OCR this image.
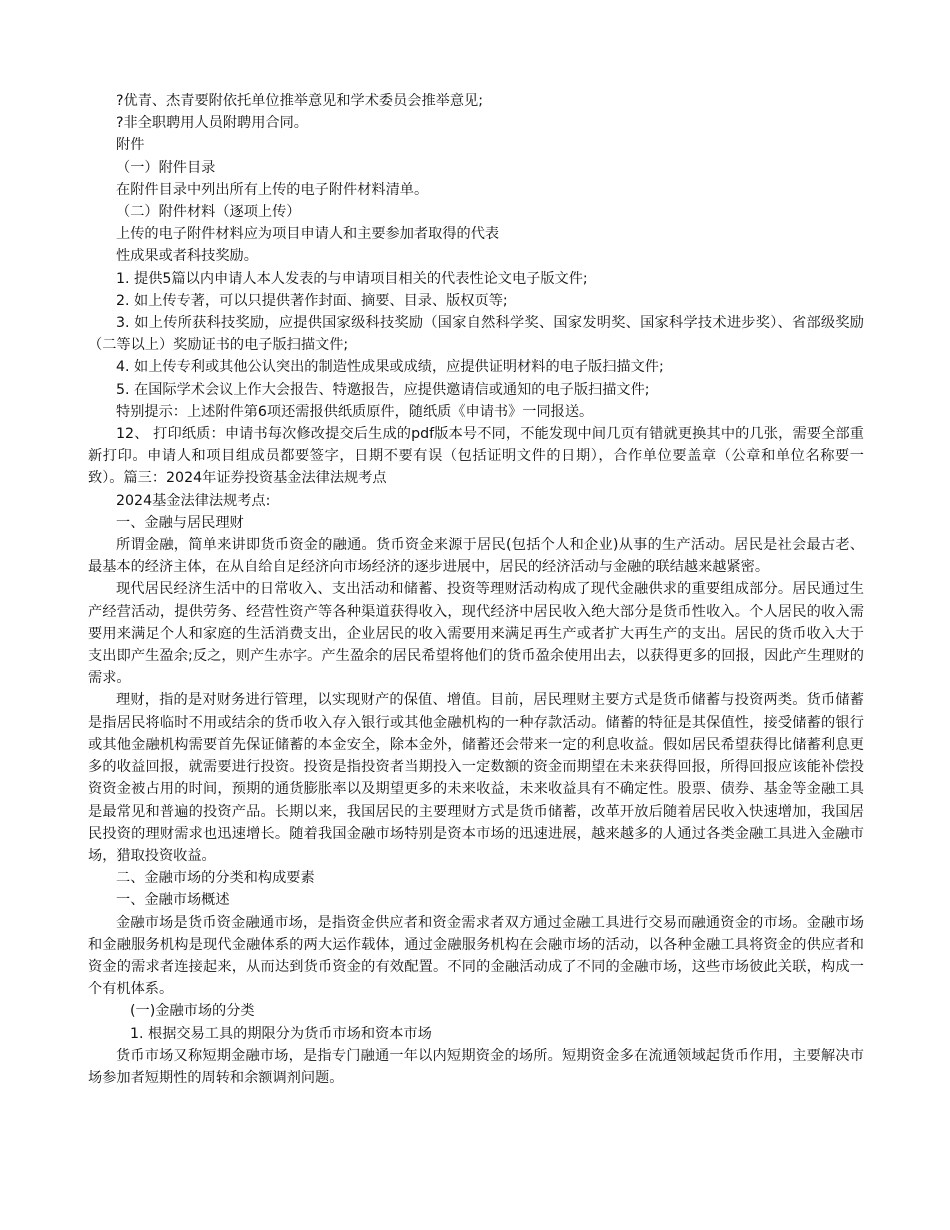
?优青、杰青要附依托单位推举意见和学术委员会推举意见;

?非全职聘用人员附聘用合同。

附件

（一）附件目录

在附件目录中列出所有上传的电子附件材料清单。

（二）附件材料（逐项上传）

上传的电子附件材料应为项目申请人和主要参加者取得的代表

性成果或者科技奖励。

1. 提供5篇以内申请人本人发表的与申请项目相关的代表性论文电子版文件;

2. 如上传专著，可以只提供著作封面、摘要、目录、版权页等;

3. 如上传所获科技奖励，应提供国家级科技奖励（国家自然科学奖、国家发明奖、国家科学技术进步奖）、省部级奖励（二等以上）奖励证书的电子版扫描文件;

4. 如上传专利或其他公认突出的制造性成果或成绩，应提供证明材料的电子版扫描文件;

5. 在国际学术会议上作大会报告、特邀报告，应提供邀请信或通知的电子版扫描文件;

特别提示：上述附件第6项还需报供纸质原件，随纸质《申请书》一同报送。

12、 打印纸质：申请书每次修改提交后生成的pdf版本号不同，不能发现中间几页有错就更换其中的几张，需要全部重新打印。申请人和项目组成员都要签字，日期不要有误（包括证明文件的日期），合作单位要盖章（公章和单位名称要一致）。篇三：2024年证券投资基金法律法规考点

2024基金法律法规考点:

一、金融与居民理财

所谓金融，简单来讲即货币资金的融通。货币资金来源于居民(包括个人和企业)从事的生产活动。居民是社会最古老、最基本的经济主体，在从自给自足经济向市场经济的逐步进展中，居民的经济活动与金融的联结越来越紧密。

现代居民经济生活中的日常收入、支出活动和储蓄、投资等理财活动构成了现代金融供求的重要组成部分。居民通过生产经营活动，提供劳务、经营性资产等各种渠道获得收入，现代经济中居民收入绝大部分是货币性收入。个人居民的收入需要用来满足个人和家庭的生活消费支出，企业居民的收入需要用来满足再生产或者扩大再生产的支出。居民的货币收入大于支出即产生盈余;反之，则产生赤字。产生盈余的居民希望将他们的货币盈余使用出去，以获得更多的回报，因此产生理财的需求。

理财，指的是对财务进行管理，以实现财产的保值、增值。目前，居民理财主要方式是货币储蓄与投资两类。货币储蓄是指居民将临时不用或结余的货币收入存入银行或其他金融机构的一种存款活动。储蓄的特征是其保值性，接受储蓄的银行或其他金融机构需要首先保证储蓄的本金安全，除本金外，储蓄还会带来一定的利息收益。假如居民希望获得比储蓄利息更多的收益回报，就需要进行投资。投资是指投资者当期投入一定数额的资金而期望在未来获得回报，所得回报应该能补偿投资资金被占用的时间，预期的通货膨胀率以及期望更多的未来收益，未来收益具有不确定性。股票、债券、基金等金融工具是最常见和普遍的投资产品。长期以来，我国居民的主要理财方式是货币储蓄，改革开放后随着居民收入快速增加，我国居民投资的理财需求也迅速增长。随着我国金融市场特别是资本市场的迅速进展，越来越多的人通过各类金融工具进入金融市场，猎取投资收益。

二、金融市场的分类和构成要素

一、金融市场概述

金融市场是货币资金融通市场，是指资金供应者和资金需求者双方通过金融工具进行交易而融通资金的市场。金融市场和金融服务机构是现代金融体系的两大运作载体，通过金融服务机构在会融市场的活动，以各种金融工具将资金的供应者和资金的需求者连接起来，从而达到货币资金的有效配置。不同的金融活动成了不同的金融市场，这些市场彼此关联，构成一个有机体系。

(一)金融市场的分类

1. 根据交易工具的期限分为货币市场和资本市场

货币市场又称短期金融市场，是指专门融通一年以内短期资金的场所。短期资金多在流通领域起货币作用，主要解决市场参加者短期性的周转和余额调剂问题。
